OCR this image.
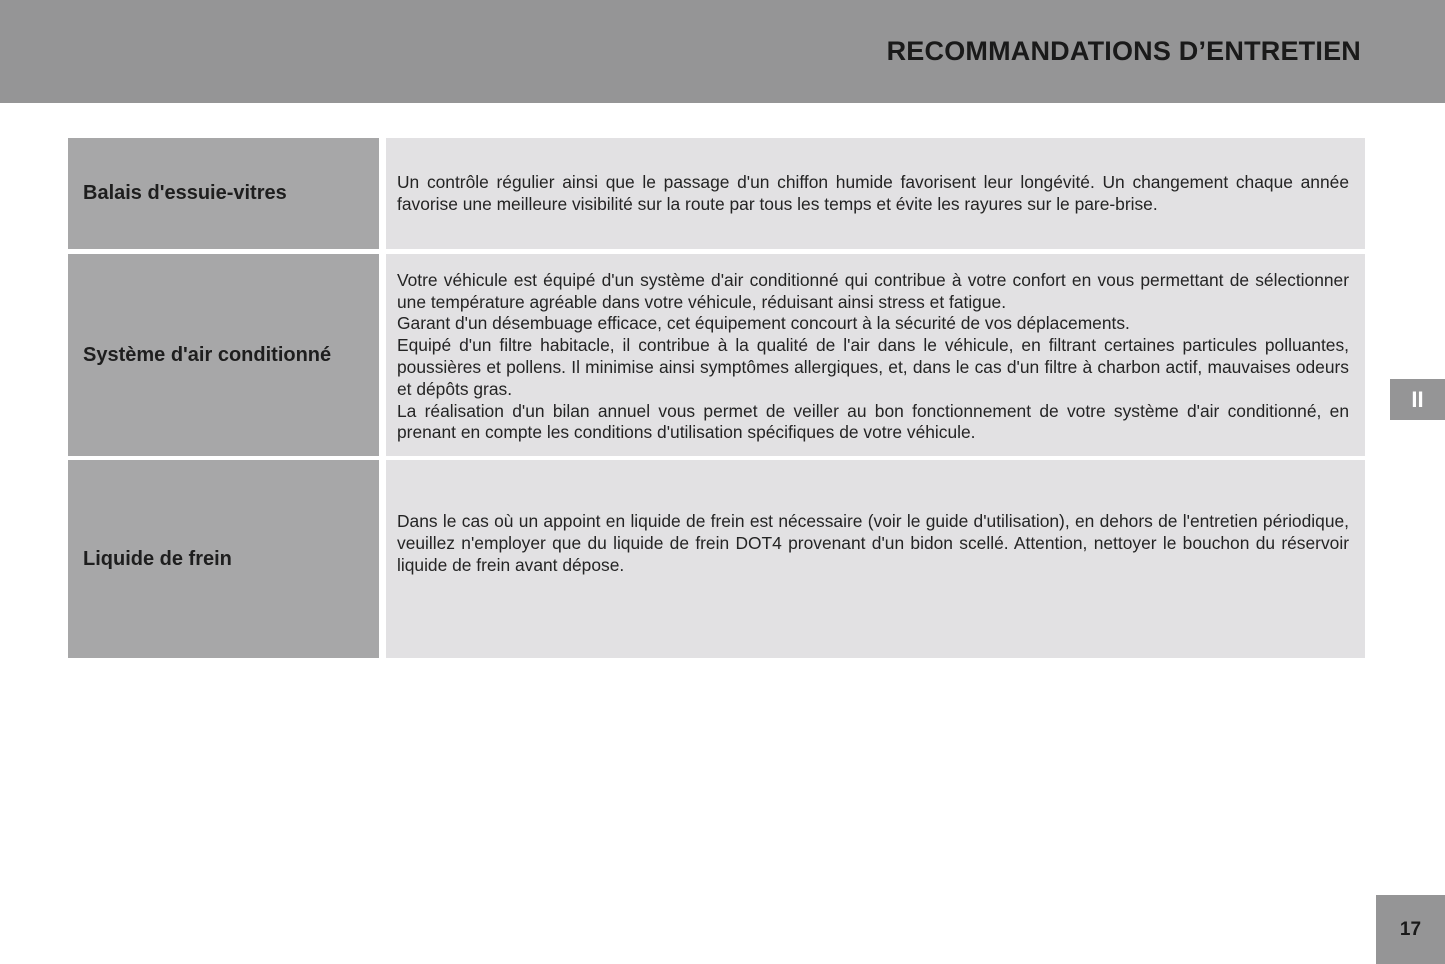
RECOMMANDATIONS D’ENTRETIEN
Balais d'essuie-vitres

Un contrôle régulier ainsi que le passage d'un chiffon humide favorisent leur longévité. Un changement chaque année favorise une meilleure visibilité sur la route par tous les temps et évite les rayures sur le pare-brise.

Système d'air conditionné

Votre véhicule est équipé d'un système d'air conditionné qui contribue à votre confort en vous permettant de sélectionner une température agréable dans votre véhicule, réduisant ainsi stress et fatigue.

Garant d'un désembuage efficace, cet équipement concourt à la sécurité de vos déplacements.

Equipé d'un filtre habitacle, il contribue à la qualité de l'air dans le véhicule, en filtrant certaines particules polluantes, poussières et pollens. Il minimise ainsi symptômes allergiques, et, dans le cas d'un filtre à charbon actif, mauvaises odeurs et dépôts gras.

La réalisation d'un bilan annuel vous permet de veiller au bon fonctionnement de votre système d'air conditionné, en prenant en compte les conditions d'utilisation spécifiques de votre véhicule.

Liquide de frein

Dans le cas où un appoint en liquide de frein est nécessaire (voir le guide d'utilisation), en dehors de l'entretien périodique, veuillez n'employer que du liquide de frein DOT4 provenant d'un bidon scellé. Attention, nettoyer le bouchon du réservoir liquide de frein avant dépose.

II
17
